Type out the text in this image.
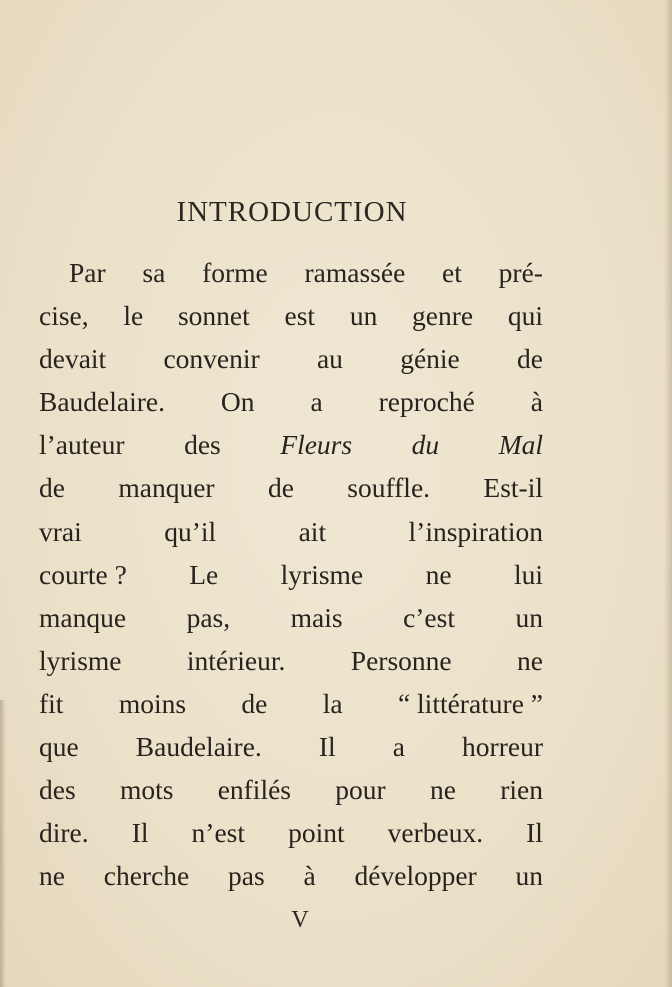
INTRODUCTION
Par sa forme ramassée et pré-
cise, le sonnet est un genre qui
devait convenir au génie de
Baudelaire. On a reproché à
l’auteur des Fleurs du Mal
de manquer de souffle. Est-il
vrai	qu’il	ait	l’inspiration
courte ? Le lyrisme ne lui
manque pas, mais c’est un
lyrisme intérieur. Personne ne
fit moins de la “ littérature ”
que Baudelaire. Il a horreur
des mots enfilés pour ne rien
dire. Il n’est point verbeux. Il
ne cherche pas à développer un
V
